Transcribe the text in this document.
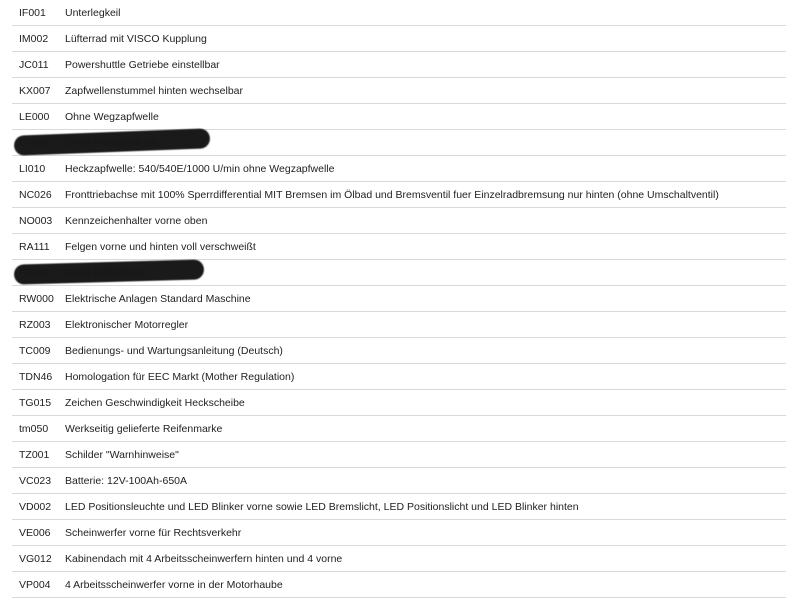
IF001	Unterlegkeil
IM002	Lüfterrad mit VISCO Kupplung
JC011	Powershuttle Getriebe einstellbar
KX007	Zapfwellenstummel hinten wechselbar
LE000	Ohne Wegzapfwelle
LI010	Heckzapfwelle: 540/540E/1000 U/min ohne Wegzapfwelle
NC026	Fronttriebachse mit 100% Sperrdifferential MIT Bremsen im Ölbad und Bremsventil fuer Einzelradbremsung nur hinten (ohne Umschaltventil)
NO003	Kennzeichenhalter vorne oben
RA111	Felgen vorne und hinten voll verschweißt
RW000	Elektrische Anlagen Standard Maschine
RZ003	Elektronischer Motorregler
TC009	Bedienungs- und Wartungsanleitung (Deutsch)
TDN46	Homologation für EEC Markt (Mother Regulation)
TG015	Zeichen Geschwindigkeit Heckscheibe
tm050	Werkseitig gelieferte Reifenmarke
TZ001	Schilder "Warnhinweise"
VC023	Batterie: 12V-100Ah-650A
VD002	LED Positionsleuchte und LED Blinker vorne sowie LED Bremslicht, LED Positionslicht und LED Blinker hinten
VE006	Scheinwerfer vorne für Rechtsverkehr
VG012	Kabinendach mit 4 Arbeitsscheinwerfern hinten und 4 vorne
VP004	4 Arbeitsscheinwerfer vorne in der Motorhaube
